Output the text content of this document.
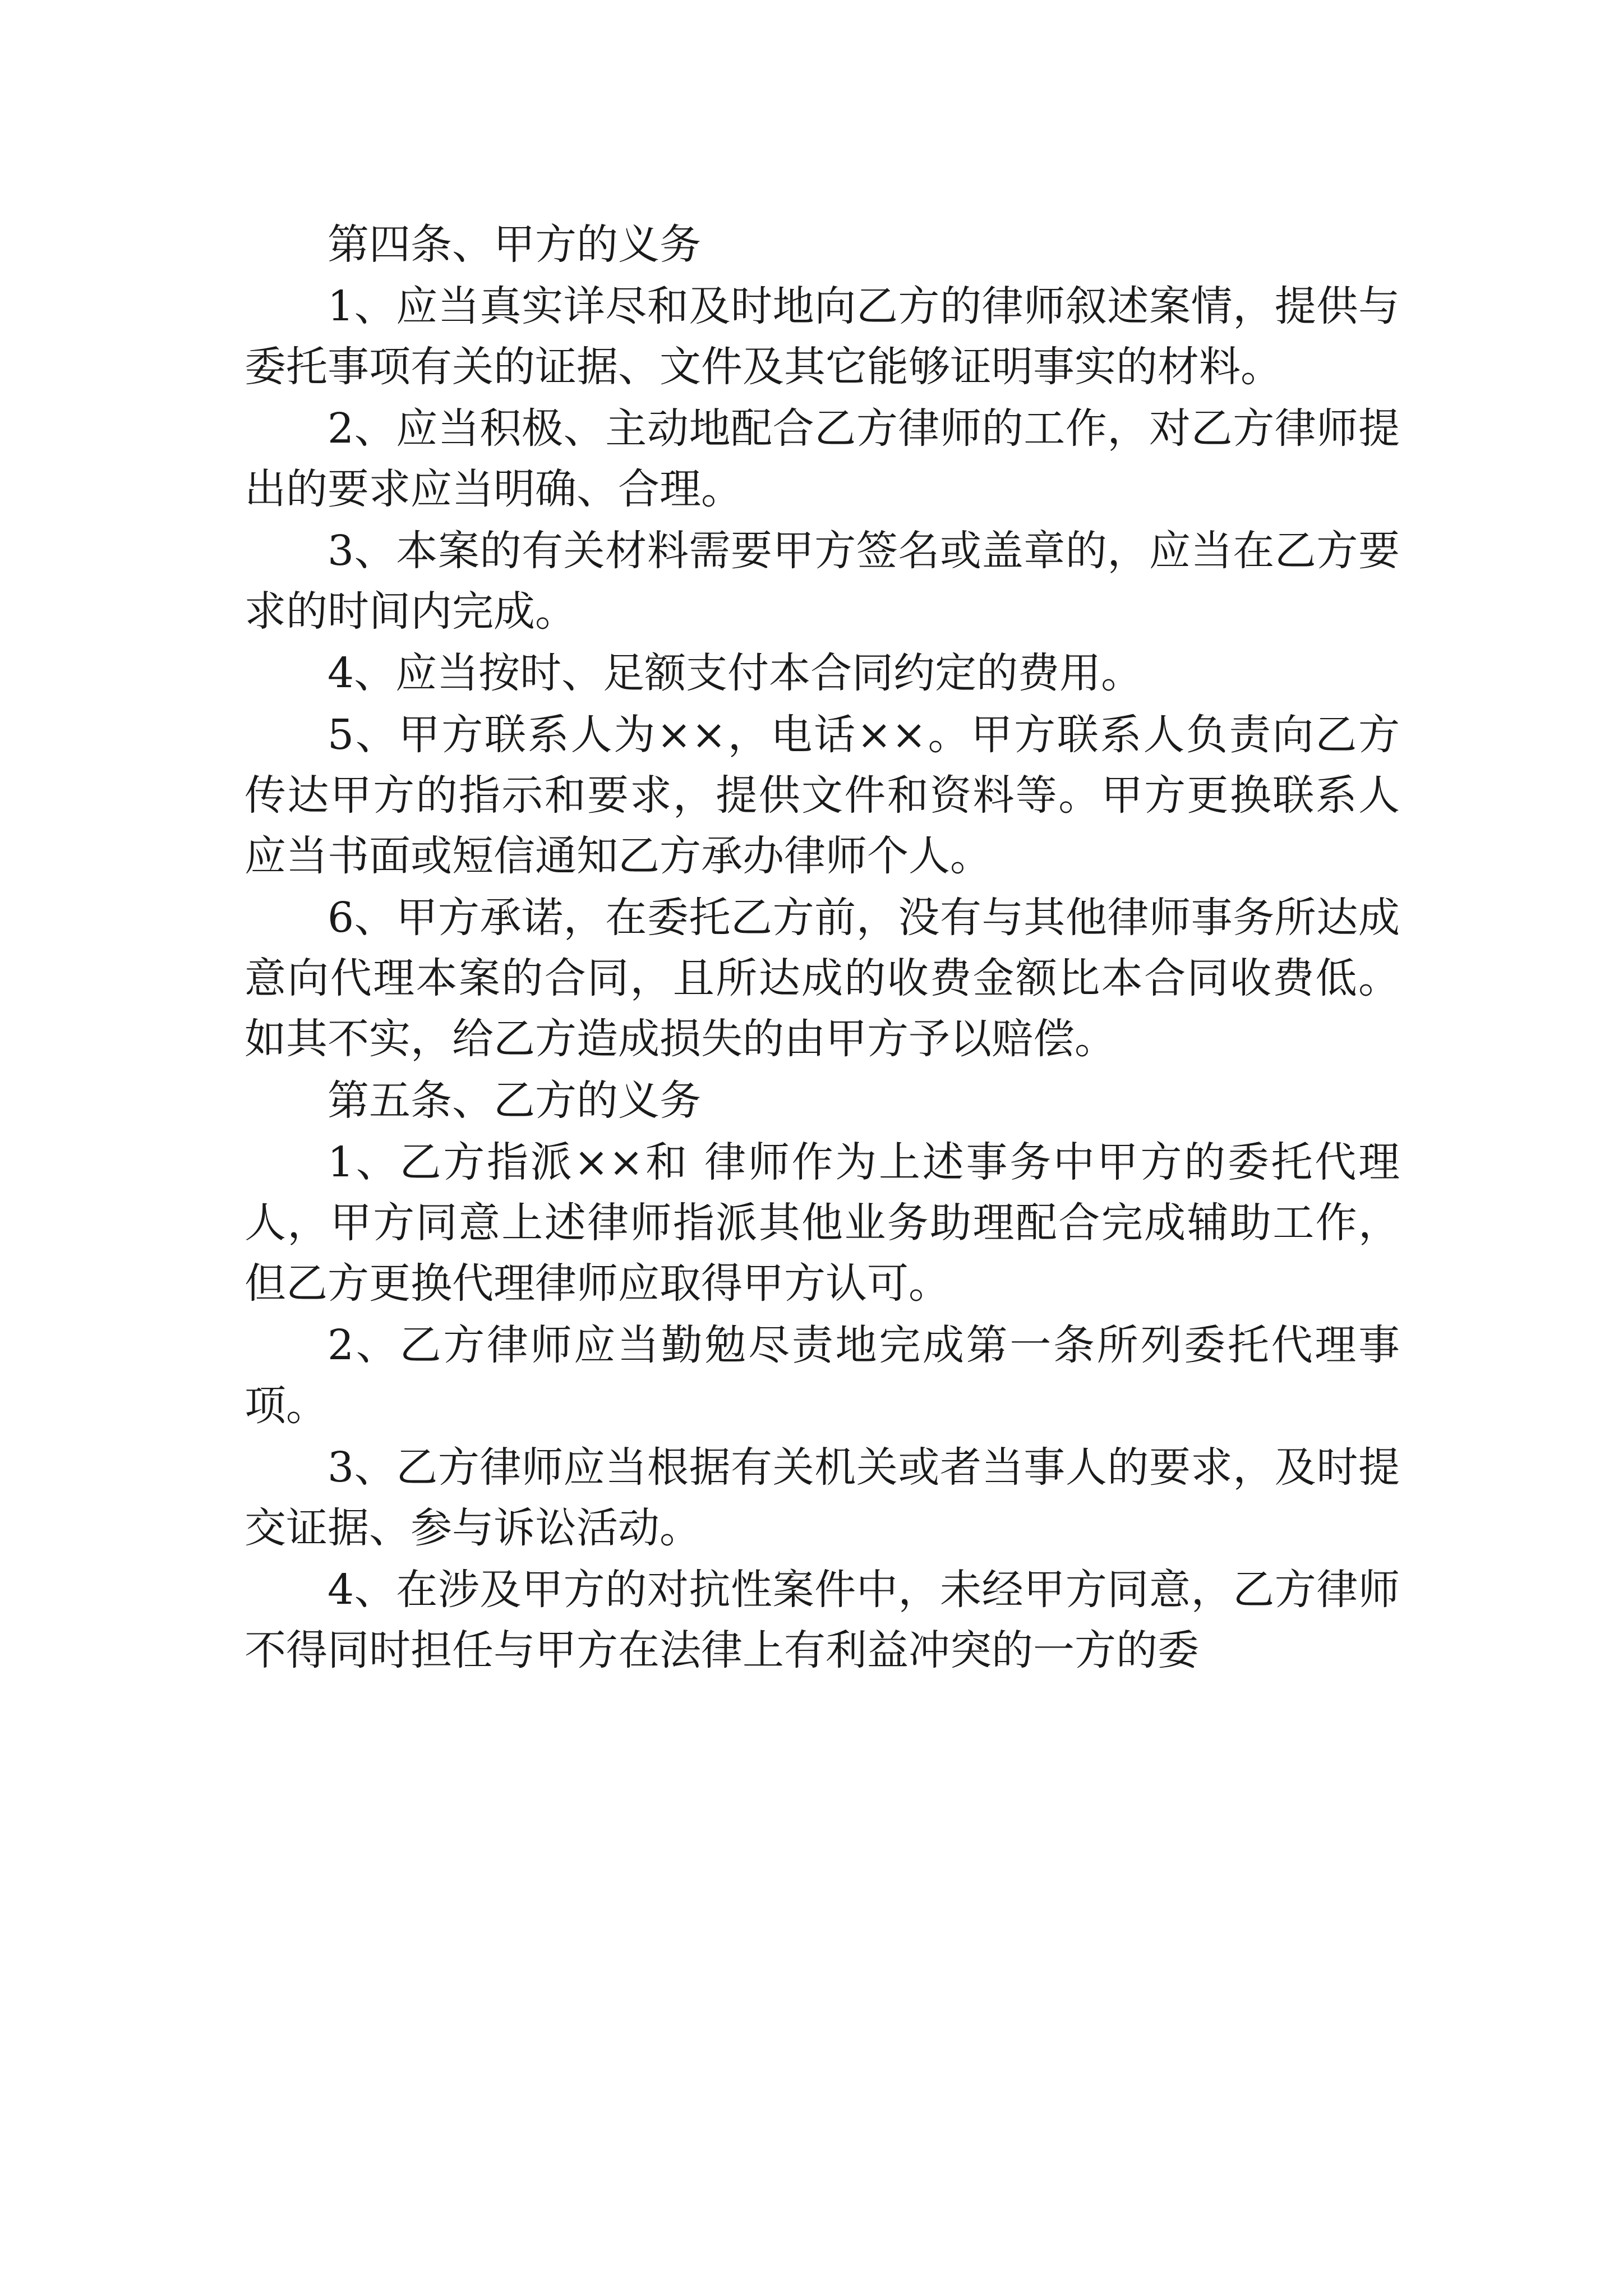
第四条、甲方的义务

1、应当真实详尽和及时地向乙方的律师叙述案情，提供与委托事项有关的证据、文件及其它能够证明事实的材料。

2、应当积极、主动地配合乙方律师的工作，对乙方律师提出的要求应当明确、合理。

3、本案的有关材料需要甲方签名或盖章的，应当在乙方要求的时间内完成。

4、应当按时、足额支付本合同约定的费用。

5、甲方联系人为××，电话××。甲方联系人负责向乙方传达甲方的指示和要求，提供文件和资料等。甲方更换联系人应当书面或短信通知乙方承办律师个人。

6、甲方承诺，在委托乙方前，没有与其他律师事务所达成意向代理本案的合同，且所达成的收费金额比本合同收费低。如其不实，给乙方造成损失的由甲方予以赔偿。

第五条、乙方的义务

1、乙方指派××和 律师作为上述事务中甲方的委托代理人，甲方同意上述律师指派其他业务助理配合完成辅助工作，但乙方更换代理律师应取得甲方认可。

2、乙方律师应当勤勉尽责地完成第一条所列委托代理事项。

3、乙方律师应当根据有关机关或者当事人的要求，及时提交证据、参与诉讼活动。

4、在涉及甲方的对抗性案件中，未经甲方同意，乙方律师不得同时担任与甲方在法律上有利益冲突的一方的委
